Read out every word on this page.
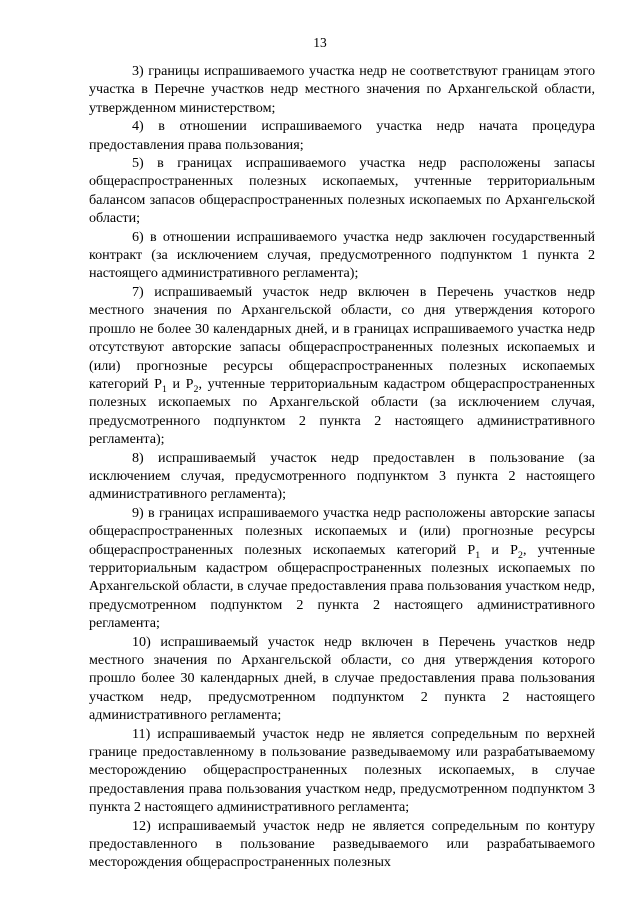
13

3) границы испрашиваемого участка недр не соответствуют границам этого участка в Перечне участков недр местного значения по Архангельской области, утвержденном министерством;

4) в отношении испрашиваемого участка недр начата процедура предоставления права пользования;

5) в границах испрашиваемого участка недр расположены запасы общераспространенных полезных ископаемых, учтенные территориальным балансом запасов общераспространенных полезных ископаемых по Архангельской области;

6) в отношении испрашиваемого участка недр заключен государственный контракт (за исключением случая, предусмотренного подпунктом 1 пункта 2 настоящего административного регламента);

7) испрашиваемый участок недр включен в Перечень участков недр местного значения по Архангельской области, со дня утверждения которого прошло не более 30 календарных дней, и в границах испрашиваемого участка недр отсутствуют авторские запасы общераспространенных полезных ископаемых и (или) прогнозные ресурсы общераспространенных полезных ископаемых категорий $P_1$ и $P_2$, учтенные территориальным кадастром общераспространенных полезных ископаемых по Архангельской области (за исключением случая, предусмотренного подпунктом 2 пункта 2 настоящего административного регламента);

8) испрашиваемый участок недр предоставлен в пользование (за исключением случая, предусмотренного подпунктом 3 пункта 2 настоящего административного регламента);

9) в границах испрашиваемого участка недр расположены авторские запасы общераспространенных полезных ископаемых и (или) прогнозные ресурсы общераспространенных полезных ископаемых категорий $P_1$ и $P_2$, учтенные территориальным кадастром общераспространенных полезных ископаемых по Архангельской области, в случае предоставления права пользования участком недр, предусмотренном подпунктом 2 пункта 2 настоящего административного регламента;

10) испрашиваемый участок недр включен в Перечень участков недр местного значения по Архангельской области, со дня утверждения которого прошло более 30 календарных дней, в случае предоставления права пользования участком недр, предусмотренном подпунктом 2 пункта 2 настоящего административного регламента;

11) испрашиваемый участок недр не является сопредельным по верхней границе предоставленному в пользование разведываемому или разрабатываемому месторождению общераспространенных полезных ископаемых, в случае предоставления права пользования участком недр, предусмотренном подпунктом 3 пункта 2 настоящего административного регламента;

12) испрашиваемый участок недр не является сопредельным по контуру предоставленного в пользование разведываемого или разрабатываемого месторождения общераспространенных полезных
